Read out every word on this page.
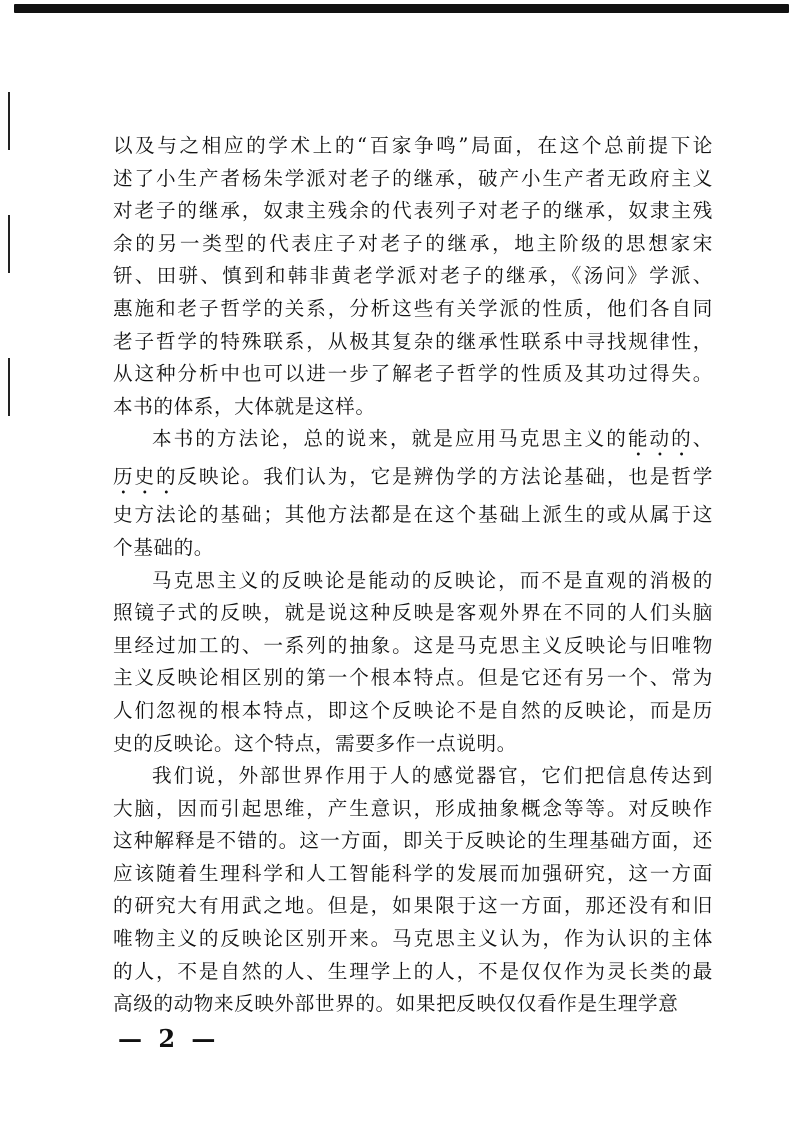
以及与之相应的学术上的“百家争鸣”局面，在这个总前提下论
述了小生产者杨朱学派对老子的继承，破产小生产者无政府主义
对老子的继承，奴隶主残余的代表列子对老子的继承，奴隶主残
余的另一类型的代表庄子对老子的继承，地主阶级的思想家宋
钘、田骈、慎到和韩非黄老学派对老子的继承，《汤问》学派、
惠施和老子哲学的关系，分析这些有关学派的性质，他们各自同
老子哲学的特殊联系，从极其复杂的继承性联系中寻找规律性，
从这种分析中也可以进一步了解老子哲学的性质及其功过得失。
本书的体系，大体就是这样。
本书的方法论，总的说来，就是应用马克思主义的能动的、
历史的反映论。我们认为，它是辨伪学的方法论基础，也是哲学
史方法论的基础；其他方法都是在这个基础上派生的或从属于这
个基础的。
马克思主义的反映论是能动的反映论，而不是直观的消极的
照镜子式的反映，就是说这种反映是客观外界在不同的人们头脑
里经过加工的、一系列的抽象。这是马克思主义反映论与旧唯物
主义反映论相区别的第一个根本特点。但是它还有另一个、常为
人们忽视的根本特点，即这个反映论不是自然的反映论，而是历
史的反映论。这个特点，需要多作一点说明。
我们说，外部世界作用于人的感觉器官，它们把信息传达到
大脑，因而引起思维，产生意识，形成抽象概念等等。对反映作
这种解释是不错的。这一方面，即关于反映论的生理基础方面，还
应该随着生理科学和人工智能科学的发展而加强研究，这一方面
的研究大有用武之地。但是，如果限于这一方面，那还没有和旧
唯物主义的反映论区别开来。马克思主义认为，作为认识的主体
的人，不是自然的人、生理学上的人，不是仅仅作为灵长类的最
高级的动物来反映外部世界的。如果把反映仅仅看作是生理学意
— 2 —
